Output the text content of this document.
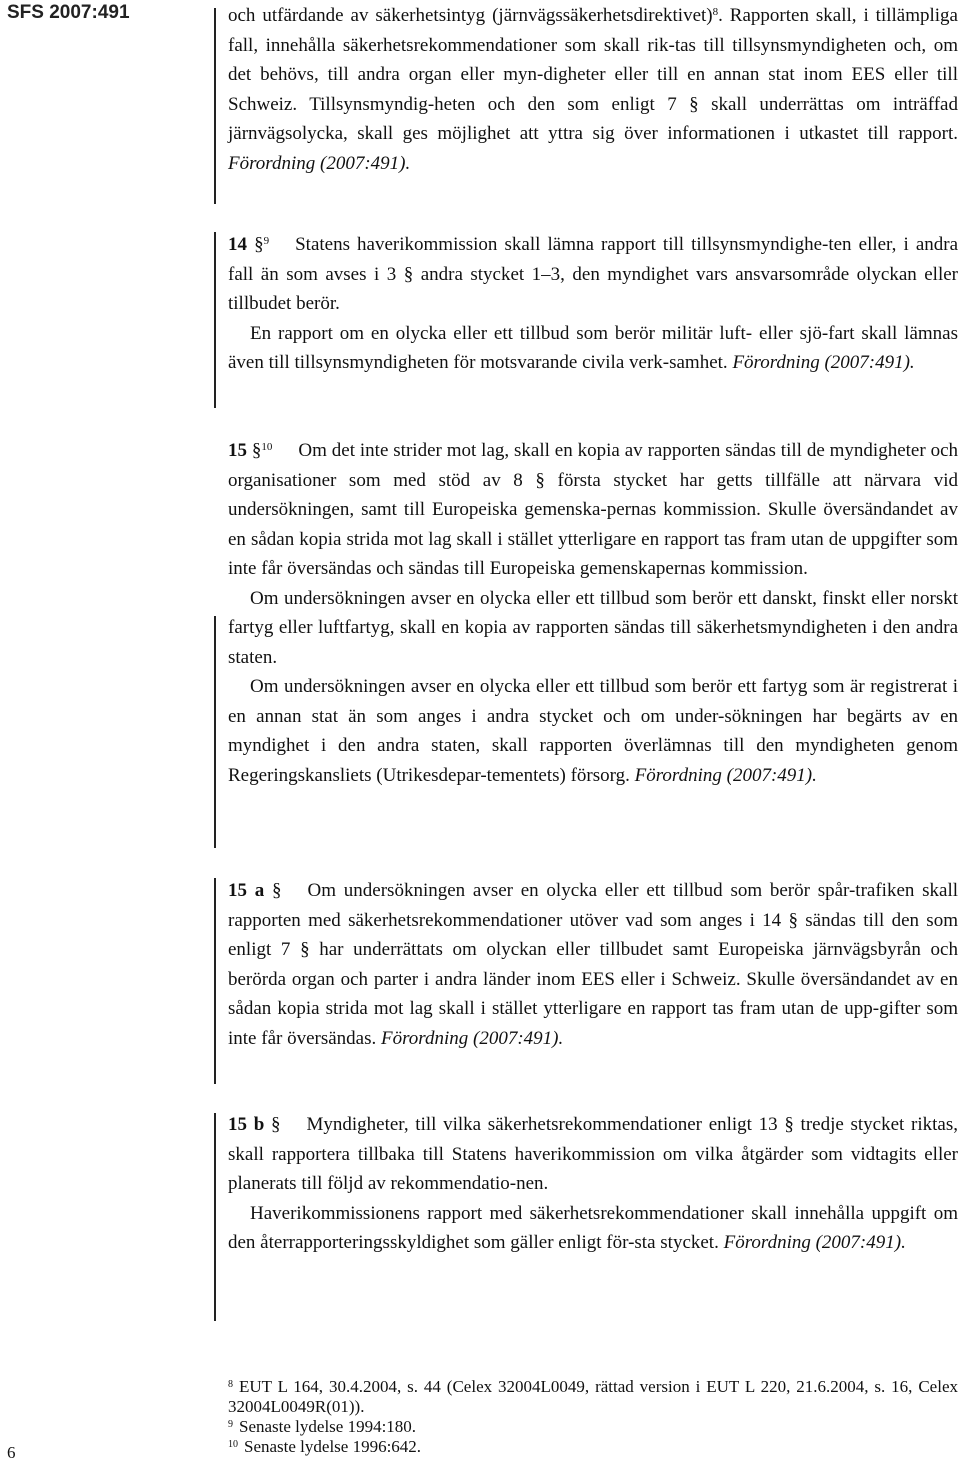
SFS 2007:491	och utfärdande av säkerhetsintyg (järnvägssäkerhetsdirektivet)$^8$. Rapporten skall, i tillämpliga fall, innehålla säkerhetsrekommendationer som skall rik-tas till tillsynsmyndigheten och, om det behövs, till andra organ eller myn-digheter eller till en annan stat inom EES eller till Schweiz. Tillsynsmyndig-heten och den som enligt 7 § skall underrättas om inträffad järnvägsolycka, skall ges möjlighet att yttra sig över informationen i utkastet till rapport. Förordning (2007:491).

14 §$^9$ Statens haverikommission skall lämna rapport till tillsynsmyndighe-ten eller, i andra fall än som avses i 3 § andra stycket 1–3, den myndighet vars ansvarsområde olyckan eller tillbudet berör.

En rapport om en olycka eller ett tillbud som berör militär luft- eller sjö-fart skall lämnas även till tillsynsmyndigheten för motsvarande civila verk-samhet. Förordning (2007:491).

15 §$^{10}$ Om det inte strider mot lag, skall en kopia av rapporten sändas till de myndigheter och organisationer som med stöd av 8 § första stycket har getts tillfälle att närvara vid undersökningen, samt till Europeiska gemenska-pernas kommission. Skulle översändandet av en sådan kopia strida mot lag skall i stället ytterligare en rapport tas fram utan de uppgifter som inte får översändas och sändas till Europeiska gemenskapernas kommission.

Om undersökningen avser en olycka eller ett tillbud som berör ett danskt, finskt eller norskt fartyg eller luftfartyg, skall en kopia av rapporten sändas till säkerhetsmyndigheten i den andra staten.

Om undersökningen avser en olycka eller ett tillbud som berör ett fartyg som är registrerat i en annan stat än som anges i andra stycket och om under-sökningen har begärts av en myndighet i den andra staten, skall rapporten överlämnas till den myndigheten genom Regeringskansliets (Utrikesdepar-tementets) försorg. Förordning (2007:491).

15 a § Om undersökningen avser en olycka eller ett tillbud som berör spår-trafiken skall rapporten med säkerhetsrekommendationer utöver vad som anges i 14 § sändas till den som enligt 7 § har underrättats om olyckan eller tillbudet samt Europeiska järnvägsbyrån och berörda organ och parter i andra länder inom EES eller i Schweiz. Skulle översändandet av en sådan kopia strida mot lag skall i stället ytterligare en rapport tas fram utan de upp-gifter som inte får översändas. Förordning (2007:491).

15 b § Myndigheter, till vilka säkerhetsrekommendationer enligt 13 § tredje stycket riktas, skall rapportera tillbaka till Statens haverikommission om vilka åtgärder som vidtagits eller planerats till följd av rekommendatio-nen.

Haverikommissionens rapport med säkerhetsrekommendationer skall innehålla uppgift om den återrapporteringsskyldighet som gäller enligt för-sta stycket. Förordning (2007:491).

$^8$ EUT L 164, 30.4.2004, s. 44 (Celex 32004L0049, rättad version i EUT L 220, 21.6.2004, s. 16, Celex 32004L0049R(01)).

$^9$ Senaste lydelse 1994:180.

$^{10}$ Senaste lydelse 1996:642.

6
